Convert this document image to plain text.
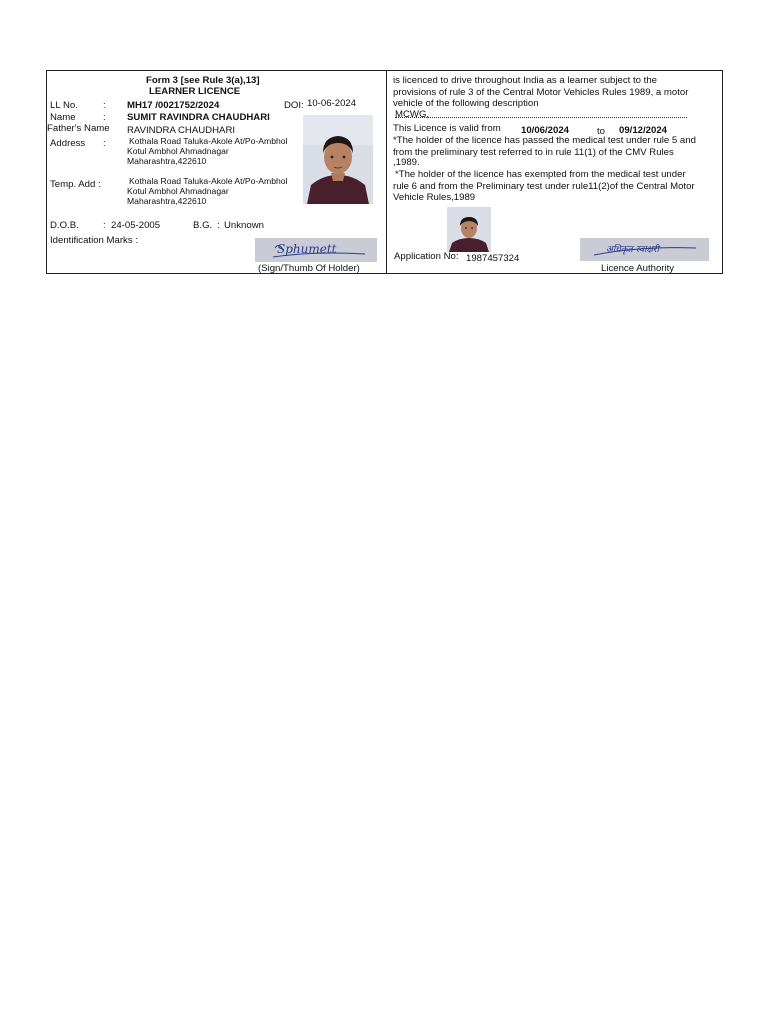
Form 3 [see Rule 3(a),13]
LEARNER LICENCE
LL No.	: MH17 /0021752/2024	DOI: 10-06-2024
Name	: SUMIT RAVINDRA CHAUDHARI
Father's Name RAVINDRA CHAUDHARI
Address :	Kothala Road Taluka-Akole At/Po-Ambhol
Kotul Ambhol Ahmadnagar
Maharashtra,422610
Temp. Add :	Kothala Road Taluka-Akole At/Po-Ambhol
Kotul Ambhol Ahmadnagar
Maharashtra,422610
D.O.B.	: 24-05-2005	B.G. : Unknown
Identification Marks :
Sphumett
(Sign/Thumb Of Holder)
is licenced to drive throughout India as a learner subject to the
provisions of rule 3 of the Central Motor Vehicles Rules 1989, a motor
vehicle of the following description
MCWG,
This Licence is valid from 10/06/2024	to 09/12/2024
*The holder of the licence has passed the medical test under rule 5 and
from the preliminary test referred to in rule 11(1) of the CMV Rules
,1989.
*The holder of the licence has exempted from the medical test under
rule 6 and from the Preliminary test under rule11(2)of the Central Motor
Vehicle Rules,1989
Application No: 1987457324
अधिकृत स्वाक्षरी
Licence Authority
